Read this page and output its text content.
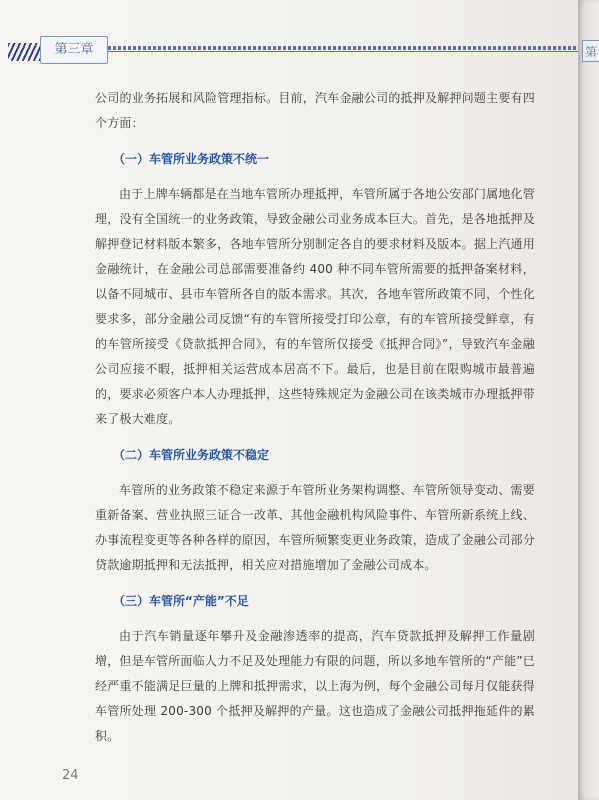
第三章

公司的业务拓展和风险管理指标。目前，汽车金融公司的抵押及解押问题主要有四个方面：

（一）车管所业务政策不统一

由于上牌车辆都是在当地车管所办理抵押，车管所属于各地公安部门属地化管理，没有全国统一的业务政策，导致金融公司业务成本巨大。首先，是各地抵押及解押登记材料版本繁多，各地车管所分别制定各自的要求材料及版本。据上汽通用金融统计，在金融公司总部需要准备约 400 种不同车管所需要的抵押备案材料，以备不同城市、县市车管所各自的版本需求。其次，各地车管所政策不同，个性化要求多，部分金融公司反馈“有的车管所接受打印公章，有的车管所接受鲜章，有的车管所接受《贷款抵押合同》，有的车管所仅接受《抵押合同》”，导致汽车金融公司应接不暇，抵押相关运营成本居高不下。最后，也是目前在限购城市最普遍的，要求必须客户本人办理抵押，这些特殊规定为金融公司在该类城市办理抵押带来了极大难度。

（二）车管所业务政策不稳定

车管所的业务政策不稳定来源于车管所业务架构调整、车管所领导变动、需要重新备案、营业执照三证合一改革、其他金融机构风险事件、车管所新系统上线、办事流程变更等各种各样的原因，车管所频繁变更业务政策，造成了金融公司部分贷款逾期抵押和无法抵押，相关应对措施增加了金融公司成本。

（三）车管所“产能”不足

由于汽车销量逐年攀升及金融渗透率的提高，汽车贷款抵押及解押工作量剧增，但是车管所面临人力不足及处理能力有限的问题，所以多地车管所的“产能”已经严重不能满足巨量的上牌和抵押需求，以上海为例，每个金融公司每月仅能获得车管所处理 200-300 个抵押及解押的产量。这也造成了金融公司抵押拖延件的累积。

24
第
